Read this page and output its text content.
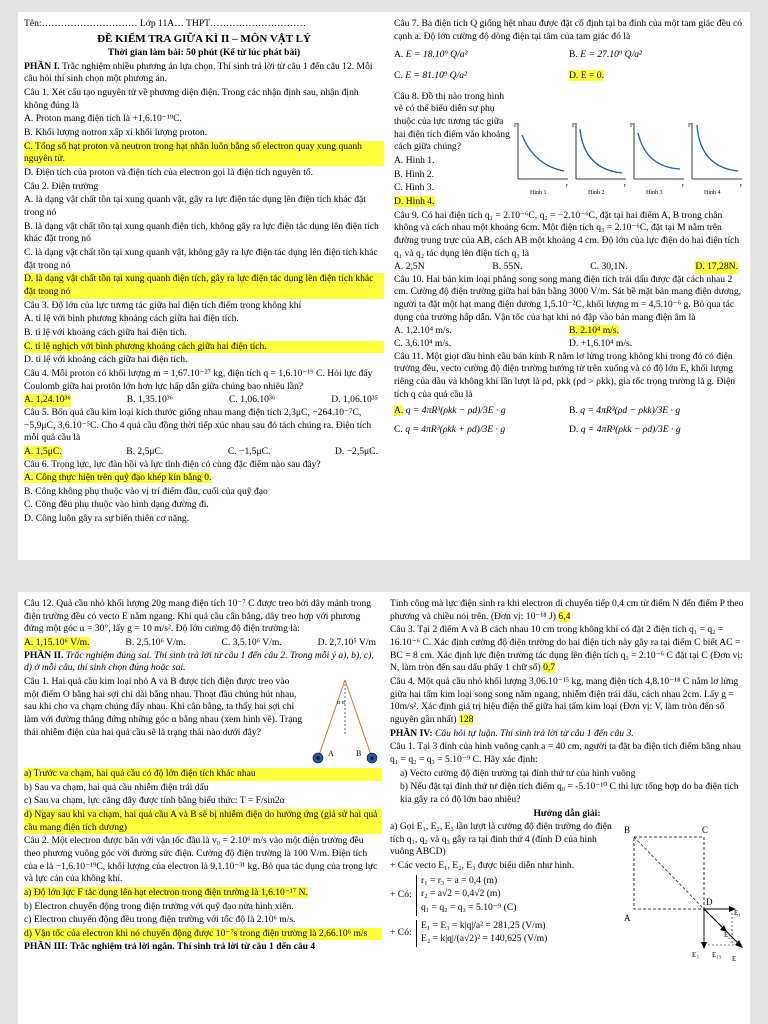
Tên:………………………… Lớp 11A… THPT…………………………

ĐỀ KIỂM TRA GIỮA KÌ II – MÔN VẬT LÝ

Thời gian làm bài: 50 phút (Kể từ lúc phát bài)

PHẦN I. Trắc nghiệm nhiều phương án lựa chọn. Thí sinh trả lời từ câu 1 đến câu 12. Mỗi câu hỏi thí sinh chọn một phương án.

Câu 1. Xét cấu tạo nguyên tử về phương diện điện. Trong các nhận định sau, nhận định không đúng là

A. Proton mang điện tích là +1,6.10⁻¹⁹C.

B. Khối lượng notron xấp xỉ khối lượng proton.

C. Tổng số hạt proton và neutron trong hạt nhân luôn bằng số electron quay xung quanh nguyên tử.

D. Điện tích của proton và điện tích của electron gọi là điện tích nguyên tố.

Câu 2. Điện trường

A. là dạng vật chất tồn tại xung quanh vật, gây ra lực điện tác dụng lên điện tích khác đặt trong nó

B. là dạng vật chất tồn tại xung quanh điện tích, không gây ra lực điện tác dụng lên điện tích khác đặt trong nó

C. là dạng vật chất tồn tại xung quanh vật, không gây ra lực điện tác dụng lên điện tích khác đặt trong nó

D. là dạng vật chất tồn tại xung quanh điện tích, gây ra lực điện tác dụng lên điện tích khác đặt trong nó

Câu 3. Độ lớn của lực tương tác giữa hai điện tích điểm trong không khí

A. tỉ lệ với bình phương khoảng cách giữa hai điện tích.

B. tỉ lệ với khoảng cách giữa hai điện tích.

C. tỉ lệ nghịch với bình phương khoảng cách giữa hai điện tích.

D. tỉ lệ với khoảng cách giữa hai điện tích.

Câu 4. Mỗi proton có khối lượng m = 1,67.10⁻²⁷ kg, điện tích q = 1,6.10⁻¹⁹ C. Hỏi lực đẩy Coulomb giữa hai protôn lớn hơn lực hấp dẫn giữa chúng bao nhiêu lần?

A. 1,24.10³⁶	B. 1,35.10³⁶	C. 1,06.10³⁶	D. 1,06.10³⁵

Câu 5. Bốn quả cầu kim loại kích thước giống nhau mang điện tích 2,3μC, −264.10⁻⁷C, −5,9μC, 3,6.10⁻⁵C. Cho 4 quả cầu đồng thời tiếp xúc nhau sau đó tách chúng ra. Điện tích mỗi quả cầu là

A. 1,5μC.	B. 2,5μC.	C. −1,5μC.	D. −2,5μC.

Câu 6. Trọng lực, lực đàn hồi và lực tĩnh điện có cùng đặc điểm nào sau đây?

A. Công thực hiện trên quỹ đạo khép kín bằng 0.

B. Công không phụ thuộc vào vị trí điểm đầu, cuối của quỹ đạo

C. Công đều phụ thuộc vào hình dạng đường đi.

D. Công luôn gây ra sự biến thiên cơ năng.

Câu 7. Ba điện tích Q giống hệt nhau được đặt cố định tại ba đỉnh của một tam giác đều có cạnh a. Độ lớn cường độ dòng điện tại tâm của tam giác đó là

A. E = 18.10⁹ Q/a²	B. E = 27.10⁹ Q/a²
C. E = 81.10⁹ Q/a²	D. E = 0.

Câu 8. Đồ thị nào trong hình vẽ có thể biểu diễn sự phụ thuộc của lực tương tác giữa hai điện tích điểm vào khoảng cách giữa chúng?

A. Hình 1.

B. Hình 2.

C. Hình 3.

D. Hình 4.

F
r
Hình 1
F
r
Hình 2
F
r
Hình 3
F
r
Hình 4

Câu 9. Có hai điện tích q₁ = 2.10⁻⁶C, q₂ = −2.10⁻⁶C, đặt tại hai điểm A, B trong chân không và cách nhau một khoảng 6cm. Một điện tích q₃ = 2.10⁻⁶C, đặt tại M nằm trên đường trung trực của AB, cách AB một khoảng 4 cm. Độ lớn của lực điện do hai điện tích q₁ và q₂ tác dụng lên điện tích q₃ là

A. 2,5N	B. 55N.	C. 30,1N.	D. 17,28N.

Câu 10. Hai bản kim loại phẳng song song mang điện tích trái dấu được đặt cách nhau 2 cm. Cường độ điện trường giữa hai bản bằng 3000 V/m. Sát bề mặt bản mang điện dương, người ta đặt một hạt mang điện dương 1,5.10⁻²C, khối lượng m = 4,5.10⁻⁶ g. Bỏ qua tác dụng của trường hấp dẫn. Vận tốc của hạt khi nó đập vào bản mang điện âm là

A. 1,2.10⁴ m/s.	B. 2.10⁴ m/s.
C. 3,6.10⁴ m/s.	D. +1,6.10⁴ m/s.

Câu 11. Một giọt dầu hình cầu bán kính R nằm lơ lửng trong không khí trong đó có điện trường đều, vecto cường độ điện trường hướng từ trên xuống và có độ lớn E, khối lượng riêng của dầu và không khí lần lượt là ρd, ρkk (ρd > ρkk), gia tốc trọng trường là g. Điện tích q của quả cầu là

A. q = 4πR³(ρkk − ρd)/3E · g	B. q = 4πR³(ρd − ρkk)/3E · g
C. q = 4πR³(ρkk + ρd)/3E · g	D. q = 4πR³(ρkk − ρd)/3E · g

Câu 12. Quả cầu nhỏ khối lượng 20g mang điện tích 10⁻⁷ C được treo bởi dây mảnh trong điện trường đều có vecto E nằm ngang. Khi quả cầu cân bằng, dây treo hợp với phương đứng một góc α = 30°, lấy g = 10 m/s². Độ lớn cường độ điện trường là:

A. 1,15.10⁶ V/m.	B. 2,5.10⁶ V/m.	C. 3,5.10⁶ V/m.	D. 2,7.10⁵ V/m

PHẦN II. Trắc nghiệm đúng sai. Thí sinh trả lời từ câu 1 đến câu 2. Trong mỗi ý a), b), c), d) ở mỗi câu, thí sinh chọn đúng hoặc sai.

Câu 1. Hai quả cầu kim loại nhỏ A và B được tích điện được treo vào một điểm O bằng hai sợi chỉ dài bằng nhau. Thoạt đầu chúng hút nhau, sau khi cho va chạm chúng đẩy nhau. Khi cân bằng, ta thấy hai sợi chỉ làm với đường thẳng đứng những góc α bằng nhau (xem hình vẽ). Trạng thái nhiễm điện của hai quả cầu sẽ là trạng thái nào dưới đây?

α α
A	B

a) Trước va chạm, hai quả cầu có độ lớn điện tích khác nhau

b) Sau va chạm, hai quả cầu nhiễm điện trái dấu

c) Sau va chạm, lực căng dây được tính bằng biểu thức: T = F/sin2α

d) Ngay sau khi va chạm, hai quả cầu A và B sẽ bị nhiễm điện do hưởng ứng (giả sử hai quả cầu mang điện tích dương)

Câu 2. Một electron được bắn với vận tốc đầu là v₀ = 2.10⁶ m/s vào một điện trường đều theo phương vuông góc với đường sức điện. Cường độ điện trường là 100 V/m. Điện tích của e là −1,6.10⁻¹⁹C, khối lượng của electron là 9,1.10⁻³¹ kg. Bỏ qua tác dụng của trọng lực và lực cản của không khí.

a) Độ lớn lực F tác dụng lên hạt electron trong điện trường là 1,6.10⁻¹⁷ N.

b) Electron chuyển động trong điện trường với quỹ đạo nửa hình xiên.

c) Electron chuyển động đều trong điện trường với tốc độ là 2.10⁶ m/s.

d) Vận tốc của electron khi nó chuyển động được 10⁻⁷s trong điện trường là 2,66.10⁶ m/s

PHẦN III: Trắc nghiệm trả lời ngắn. Thí sinh trả lời từ câu 1 đến câu 4

Tính công mà lực điện sinh ra khi electron di chuyển tiếp 0,4 cm từ điểm N đến điểm P theo phương và chiều nói trên. (Đơn vị: 10⁻¹⁸ J) 6,4

Câu 3. Tại 2 điểm A và B cách nhau 10 cm trong không khí có đặt 2 điện tích q₁ = q₂ = 16.10⁻⁶ C. Xác định cường độ điện trường do hai điện tích này gây ra tại điểm C biết AC = BC = 8 cm. Xác định lực điện trường tác dụng lên điện tích q₃ = 2.10⁻⁶ C đặt tại C (Đơn vị: N, làm tròn đến sau dấu phẩy 1 chữ số) 0,7

Câu 4. Một quả cầu nhỏ khối lượng 3,06.10⁻¹⁵ kg, mang điện tích 4,8.10⁻¹⁸ C nằm lơ lửng giữa hai tấm kim loại song song nằm ngang, nhiễm điện trái dấu, cách nhau 2cm. Lấy g = 10m/s². Xác định giá trị hiệu điện thế giữa hai tấm kim loại (Đơn vị: V, làm tròn đến số nguyên gần nhất) 128

PHẦN IV: Câu hỏi tự luận. Thí sinh trả lời từ câu 1 đến câu 3.

Câu 1. Tại 3 đỉnh của hình vuông cạnh a = 40 cm, người ta đặt ba điện tích điểm bằng nhau q₁ = q₂ = q₃ = 5.10⁻⁹ C. Hãy xác định:

a) Vecto cường độ điện trường tại đỉnh thứ tư của hình vuông

b) Nếu đặt tại đỉnh thứ tư điện tích điểm q₀ = -5.10⁻¹⁰ C thì lực tổng hợp do ba điện tích kia gây ra có độ lớn bao nhiêu?

Hướng dẫn giải:

a) Gọi E₁, E₂, E₃ lần lượt là cường độ điện trường do điện tích q₁, q₂ và q₃ gây ra tại đỉnh thứ 4 (đỉnh D của hình vuông ABCD)

+ Các vecto E₁, E₂, E₃ được biểu diễn như hình.

+ Có:

r₁ = r₃ = a = 0,4 (m)

r₂ = a√2 = 0,4√2 (m)

q₁ = q₂ = q₃ = 5.10⁻⁹ (C)

+ Có:

E₁ = E₃ = k|q|/a² = 281,25 (V/m)

E₂ = k|q|/(a√2)² = 140,625 (V/m)

B	C
A
D
E₁
E₂
E₃ E₁₃ E
